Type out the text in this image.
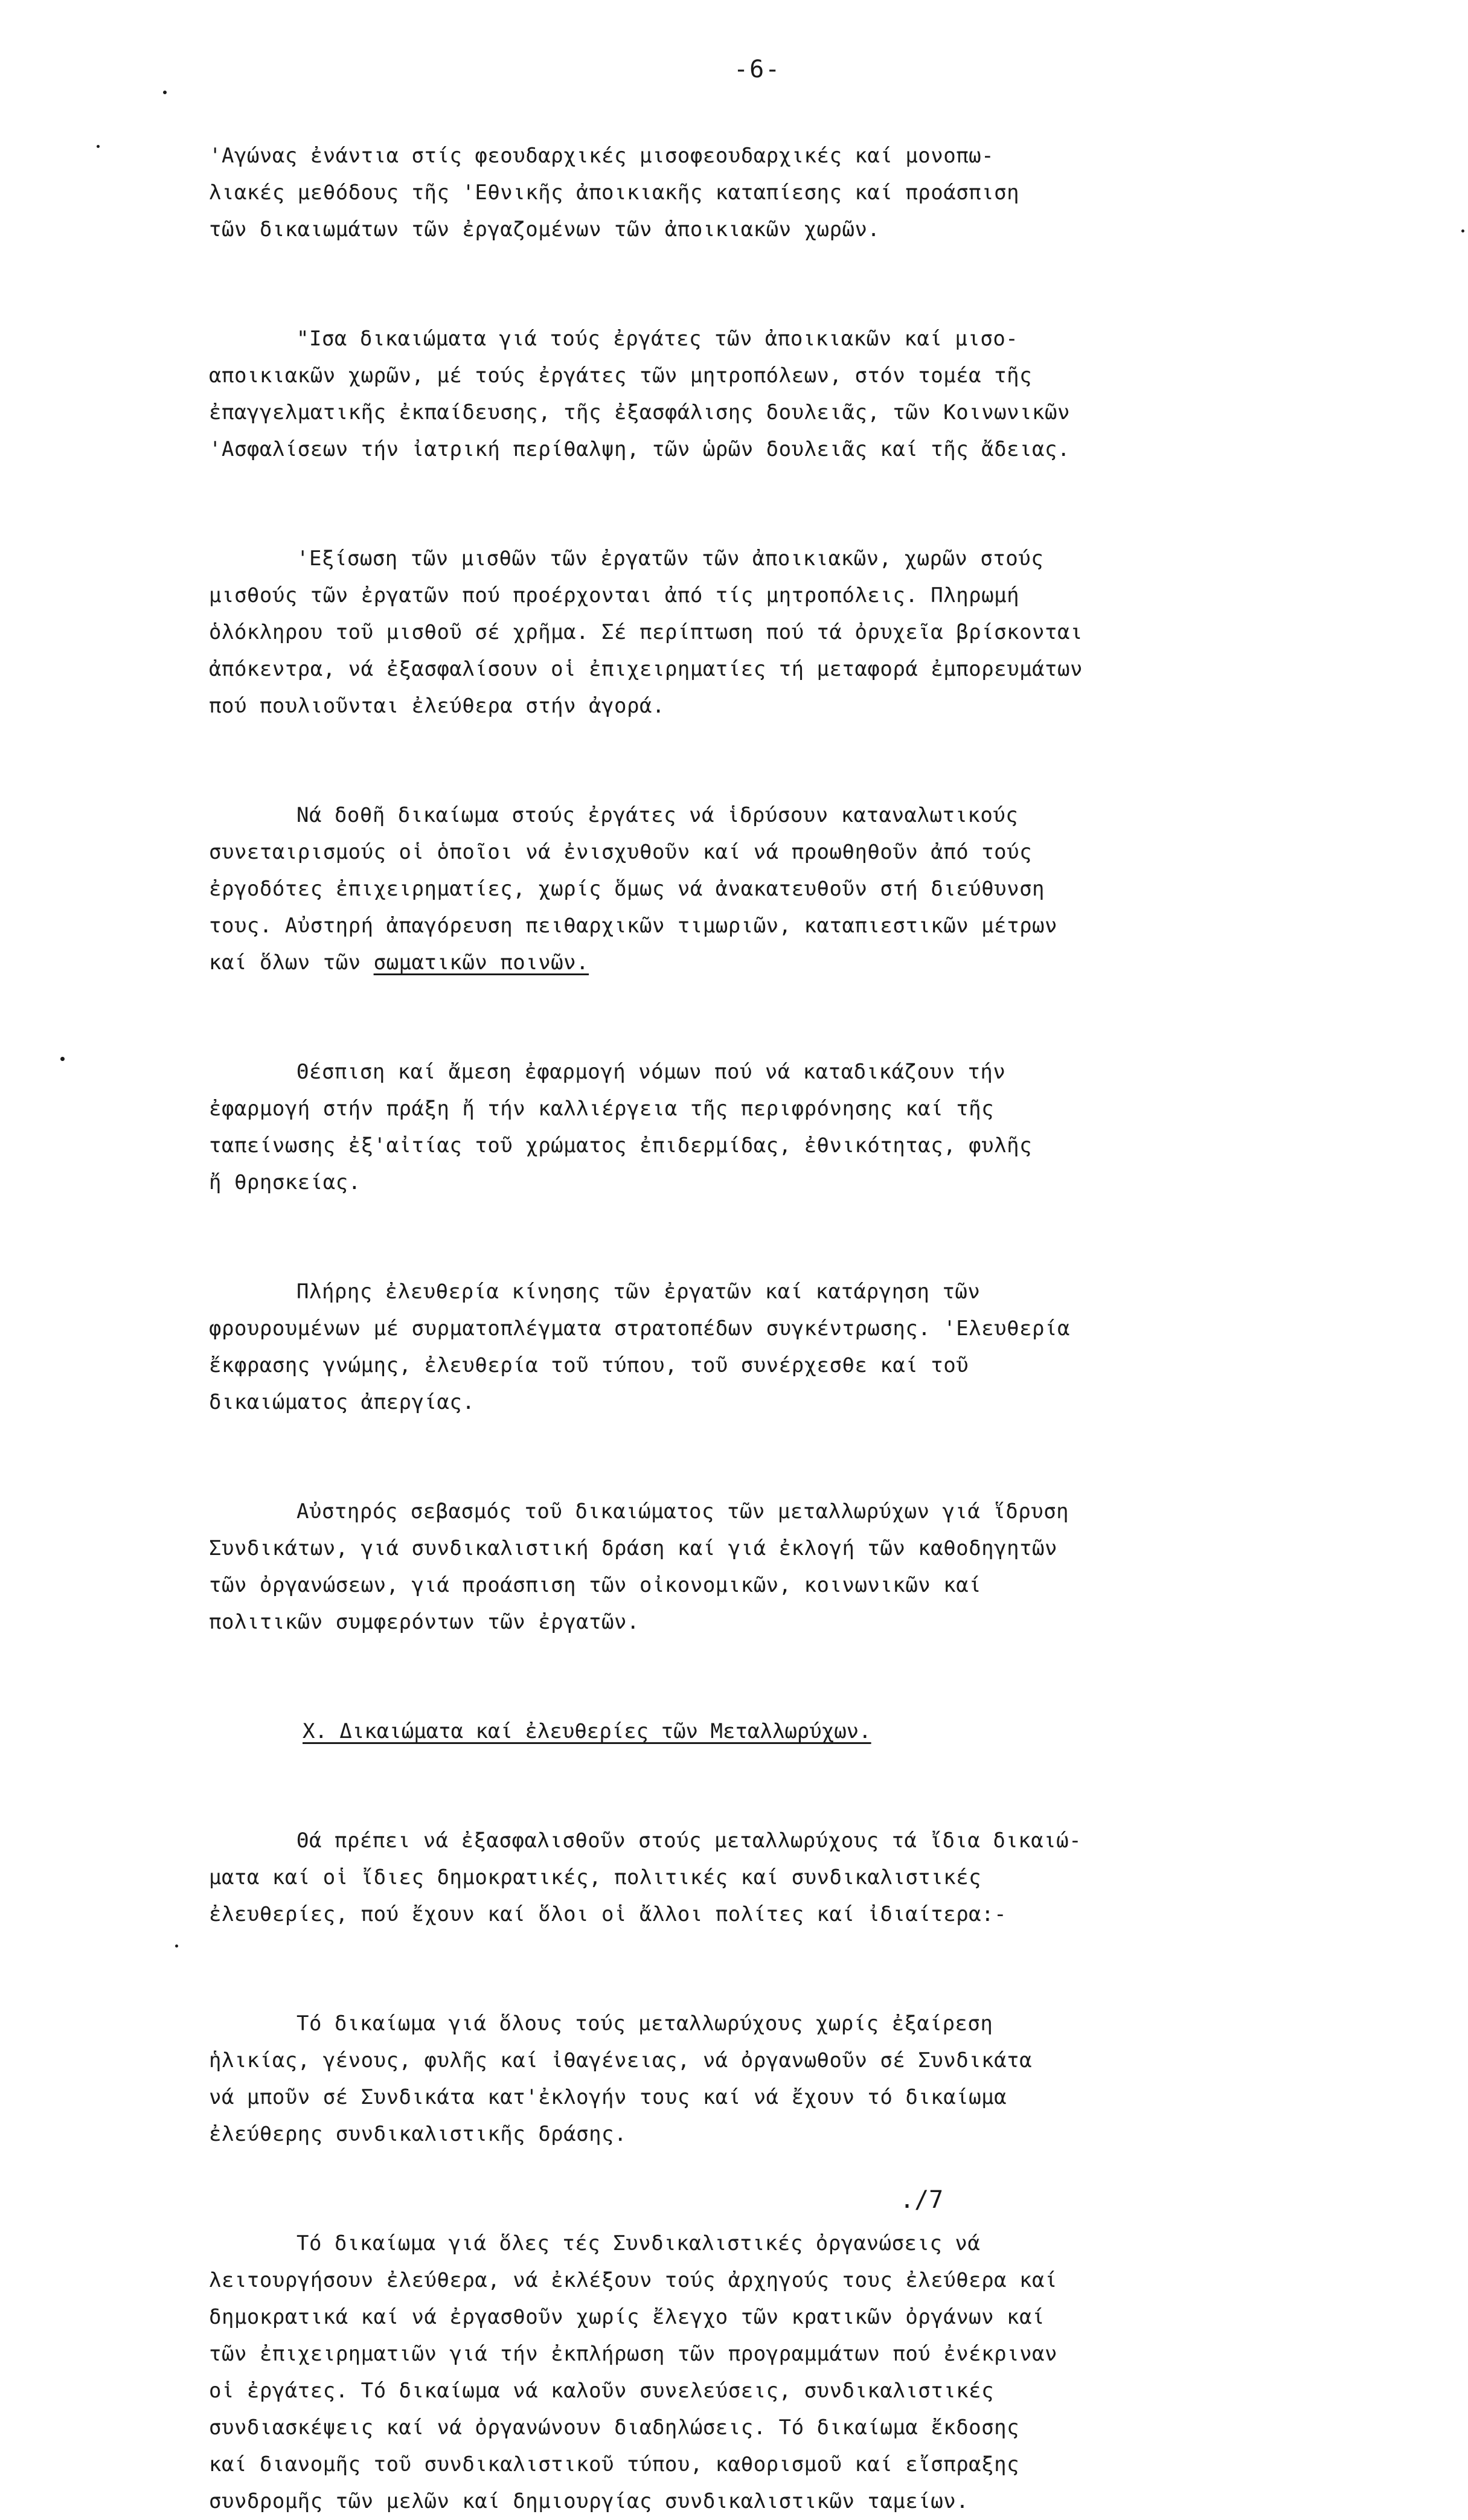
-6-
'Αγώνας ἐνάντια στίς φεουδαρχικές μισοφεουδαρχικές καί μονοπω-
λιακές μεθόδους τῆς 'Εθνικῆς ἀποικιακῆς καταπίεσης καί προάσπιση
τῶν δικαιωμάτων τῶν ἐργαζομένων τῶν ἀποικιακῶν χωρῶν.
"Ισα δικαιώματα γιά τούς ἐργάτες τῶν ἀποικιακῶν καί μισο-
αποικιακῶν χωρῶν, μέ τούς ἐργάτες τῶν μητροπόλεων, στόν τομέα τῆς
ἐπαγγελματικῆς ἐκπαίδευσης, τῆς ἐξασφάλισης δουλειᾶς, τῶν Κοινωνικῶν
'Ασφαλίσεων τήν ἰατρική περίθαλψη, τῶν ὡρῶν δουλειᾶς καί τῆς ἄδειας.
'Εξίσωση τῶν μισθῶν τῶν ἐργατῶν τῶν ἀποικιακῶν, χωρῶν στούς
μισθούς τῶν ἐργατῶν πού προέρχονται ἀπό τίς μητροπόλεις. Πληρωμή
ὁλόκληρου τοῦ μισθοῦ σέ χρῆμα. Σέ περίπτωση πού τά ὀρυχεῖα βρίσκονται
ἀπόκεντρα, νά ἐξασφαλίσουν οἱ ἐπιχειρηματίες τή μεταφορά ἐμπορευμάτων
πού πουλιοῦνται ἐλεύθερα στήν ἀγορά.
Νά δοθῆ δικαίωμα στούς ἐργάτες νά ἱδρύσουν καταναλωτικούς
συνεταιρισμούς οἱ ὁποῖοι νά ἐνισχυθοῦν καί νά προωθηθοῦν ἀπό τούς
ἐργοδότες ἐπιχειρηματίες, χωρίς ὅμως νά ἀνακατευθοῦν στή διεύθυνση
τους. Αὐστηρή ἀπαγόρευση πειθαρχικῶν τιμωριῶν, καταπιεστικῶν μέτρων
καί ὅλων τῶν σωματικῶν ποινῶν.
Θέσπιση καί ἄμεση ἐφαρμογή νόμων πού νά καταδικάζουν τήν
ἐφαρμογή στήν πράξη ἤ τήν καλλιέργεια τῆς περιφρόνησης καί τῆς
ταπείνωσης ἐξ'αἰτίας τοῦ χρώματος ἐπιδερμίδας, ἐθνικότητας, φυλῆς
ἤ θρησκείας.
Πλήρης ἐλευθερία κίνησης τῶν ἐργατῶν καί κατάργηση τῶν
φρουρουμένων μέ συρματοπλέγματα στρατοπέδων συγκέντρωσης. 'Ελευθερία
ἔκφρασης γνώμης, ἐλευθερία τοῦ τύπου, τοῦ συνέρχεσθε καί τοῦ
δικαιώματος ἀπεργίας.
Αὐστηρός σεβασμός τοῦ δικαιώματος τῶν μεταλλωρύχων γιά ἵδρυση
Συνδικάτων, γιά συνδικαλιστική δράση καί γιά ἐκλογή τῶν καθοδηγητῶν
τῶν ὀργανώσεων, γιά προάσπιση τῶν οἰκονομικῶν, κοινωνικῶν καί
πολιτικῶν συμφερόντων τῶν ἐργατῶν.
X. Δικαιώματα καί ἐλευθερίες τῶν Μεταλλωρύχων.
Θά πρέπει νά ἐξασφαλισθοῦν στούς μεταλλωρύχους τά ἴδια δικαιώ-
ματα καί οἱ ἴδιες δημοκρατικές, πολιτικές καί συνδικαλιστικές
ἐλευθερίες, πού ἔχουν καί ὅλοι οἱ ἄλλοι πολίτες καί ἰδιαίτερα:-
Τό δικαίωμα γιά ὅλους τούς μεταλλωρύχους χωρίς ἐξαίρεση
ἡλικίας, γένους, φυλῆς καί ἰθαγένειας, νά ὀργανωθοῦν σέ Συνδικάτα
νά μποῦν σέ Συνδικάτα κατ'ἐκλογήν τους καί νά ἔχουν τό δικαίωμα
ἐλεύθερης συνδικαλιστικῆς δράσης.
Τό δικαίωμα γιά ὅλες τές Συνδικαλιστικές ὀργανώσεις νά
λειτουργήσουν ἐλεύθερα, νά ἐκλέξουν τούς ἀρχηγούς τους ἐλεύθερα καί
δημοκρατικά καί νά ἐργασθοῦν χωρίς ἔλεγχο τῶν κρατικῶν ὀργάνων καί
τῶν ἐπιχειρηματιῶν γιά τήν ἐκπλήρωση τῶν προγραμμάτων πού ἐνέκριναν
οἱ ἐργάτες. Τό δικαίωμα νά καλοῦν συνελεύσεις, συνδικαλιστικές
συνδιασκέψεις καί νά ὀργανώνουν διαδηλώσεις. Τό δικαίωμα ἔκδοσης
καί διανομῆς τοῦ συνδικαλιστικοῦ τύπου, καθορισμοῦ καί εἴσπραξης
συνδρομῆς τῶν μελῶν καί δημιουργίας συνδικαλιστικῶν ταμείων.
./7
